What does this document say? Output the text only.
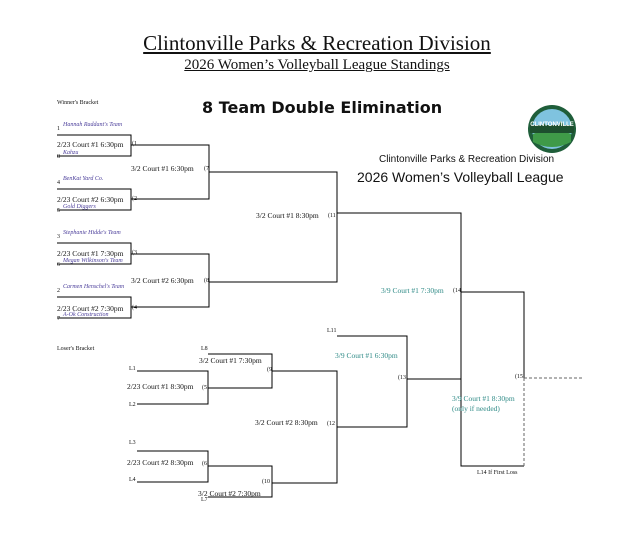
Clintonville Parks & Recreation Division
2026 Women’s Volleyball League Standings
8 Team Double Elimination
Clintonville Parks & Recreation Division
2026 Women’s Volleyball League
Winner's Bracket
Loser's Bracket
CLINTONVILLE
1
Hannah Raddant's Team
8
Kahzu
4
BenKat Yard Co.
5
Gold Diggers
3
Stephanie Hidde's Team
6
Megan Wilkinson's Team
2
Carmen Henschel's Team
7
A-Ok Construction
2/23 Court #1 6:30pm (1
2/23 Court #2 6:30pm (2
2/23 Court #1 7:30pm (3
2/23 Court #2 7:30pm (4
3/2 Court #1 6:30pm (7
3/2 Court #2 6:30pm (8
3/2 Court #1 8:30pm (11
3/9 Court #1 7:30pm (14
3/9 Court #1 8:30pm
(only if needed)
(15
L1
L2
2/23 Court #1 8:30pm (5
L3
L4
2/23 Court #2 8:30pm (6
L8
3/2 Court #1 7:30pm
(9
3/2 Court #2 7:30pm
L7
(10
3/2 Court #2 8:30pm (12
L11
3/9 Court #1 6:30pm
(13
L14 If First Loss
